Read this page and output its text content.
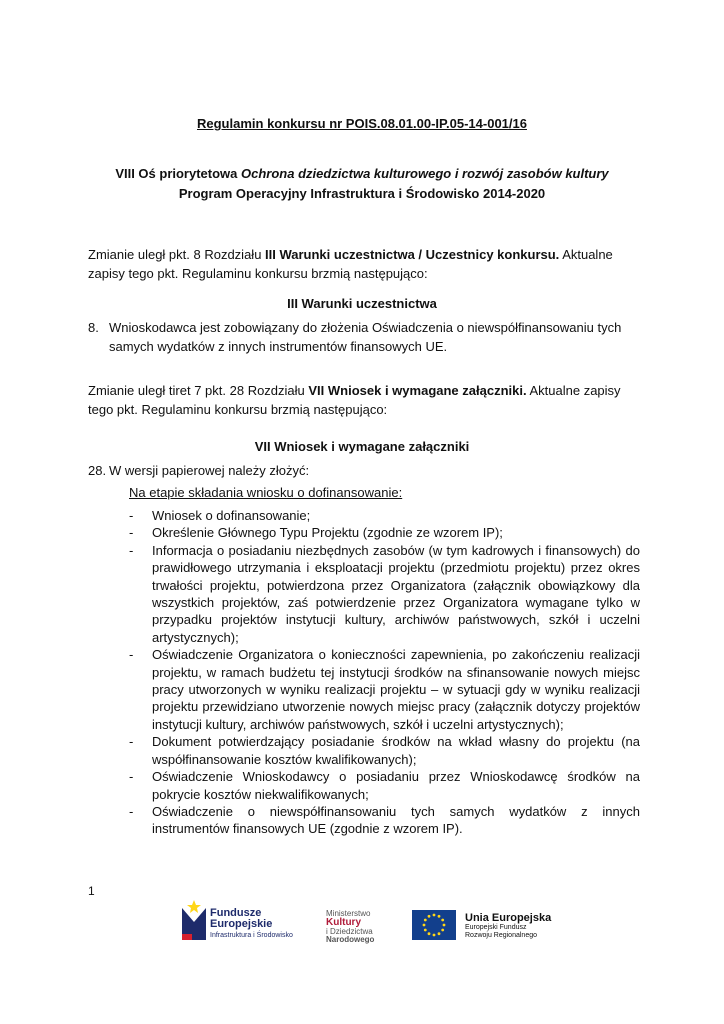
Regulamin konkursu nr POIS.08.01.00-IP.05-14-001/16
VIII Oś priorytetowa Ochrona dziedzictwa kulturowego i rozwój zasobów kultury
Program Operacyjny Infrastruktura i Środowisko 2014-2020
Zmianie uległ pkt. 8 Rozdziału III Warunki uczestnictwa / Uczestnicy konkursu. Aktualne zapisy tego pkt. Regulaminu konkursu brzmią następująco:
III Warunki uczestnictwa
8. Wnioskodawca jest zobowiązany do złożenia Oświadczenia o niewspółfinansowaniu tych samych wydatków z innych instrumentów finansowych UE.
Zmianie uległ tiret 7 pkt. 28 Rozdziału VII Wniosek i wymagane załączniki. Aktualne zapisy tego pkt. Regulaminu konkursu brzmią następująco:
VII Wniosek i wymagane załączniki
28. W wersji papierowej należy złożyć:
Na etapie składania wniosku o dofinansowanie:
- Wniosek o dofinansowanie;
- Określenie Głównego Typu Projektu (zgodnie ze wzorem IP);
- Informacja o posiadaniu niezbędnych zasobów (w tym kadrowych i finansowych) do prawidłowego utrzymania i eksploatacji projektu (przedmiotu projektu) przez okres trwałości projektu, potwierdzona przez Organizatora (załącznik obowiązkowy dla wszystkich projektów, zaś potwierdzenie przez Organizatora wymagane tylko w przypadku projektów instytucji kultury, archiwów państwowych, szkół i uczelni artystycznych);
- Oświadczenie Organizatora o konieczności zapewnienia, po zakończeniu realizacji projektu, w ramach budżetu tej instytucji środków na sfinansowanie nowych miejsc pracy utworzonych w wyniku realizacji projektu – w sytuacji gdy w wyniku realizacji projektu przewidziano utworzenie nowych miejsc pracy (załącznik dotyczy projektów instytucji kultury, archiwów państwowych, szkół i uczelni artystycznych);
- Dokument potwierdzający posiadanie środków na wkład własny do projektu (na współfinansowanie kosztów kwalifikowanych);
- Oświadczenie Wnioskodawcy o posiadaniu przez Wnioskodawcę środków na pokrycie kosztów niekwalifikowanych;
- Oświadczenie o niewspółfinansowaniu tych samych wydatków z innych instrumentów finansowych UE (zgodnie z wzorem IP).
1
Fundusze
Europejskie
Infrastruktura i Środowisko
Ministerstwo
Kultury
i Dziedzictwa
Narodowego
Unia Europejska
Europejski Fundusz
Rozwoju Regionalnego
